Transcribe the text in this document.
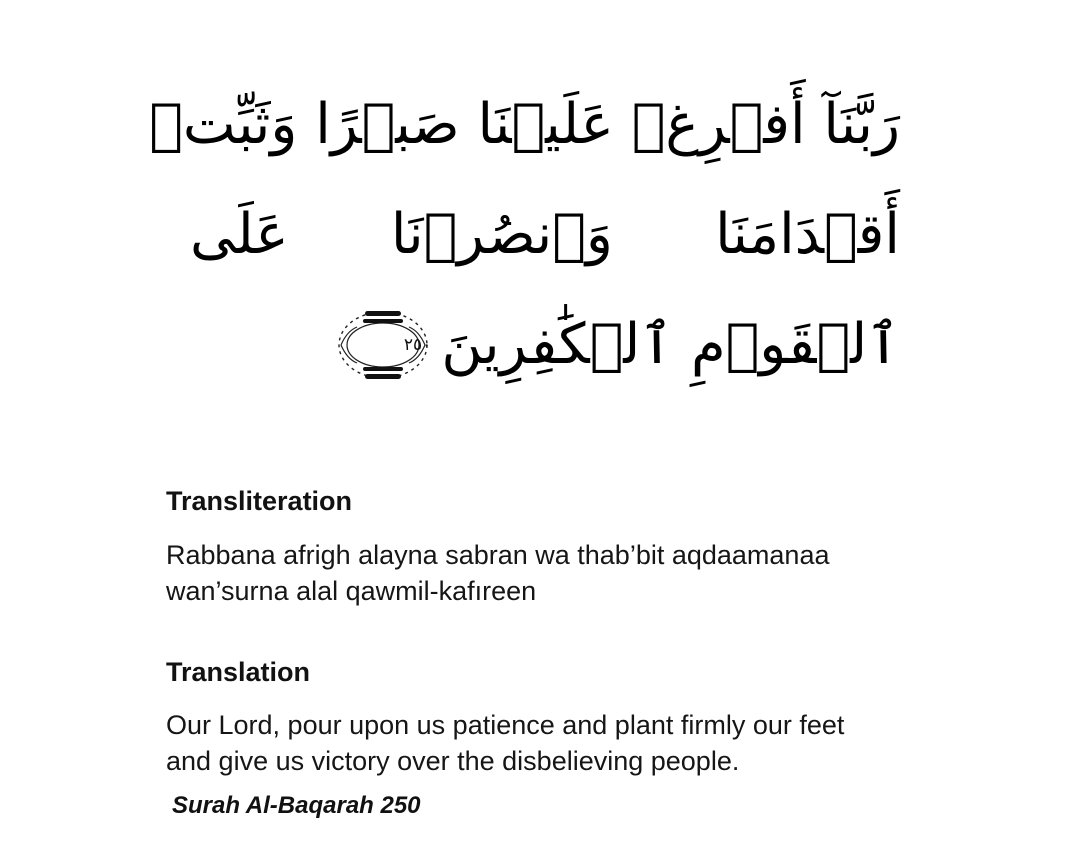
رَبَّنَآ أَفۡرِغۡ عَلَيۡنَا صَبۡرًا وَثَبِّتۡ
أَقۡدَامَنَا وَٱنصُرۡنَا عَلَى
ٱلۡقَوۡمِ ٱلۡكَٰفِرِينَ
٢٥٠
Transliteration
Rabbana afrigh alayna sabran wa thab’bit aqdaamanaa
wan’surna alal qawmil-kafıreen
Translation
Our Lord, pour upon us patience and plant firmly our feet
and give us victory over the disbelieving people.
Surah Al-Baqarah 250
